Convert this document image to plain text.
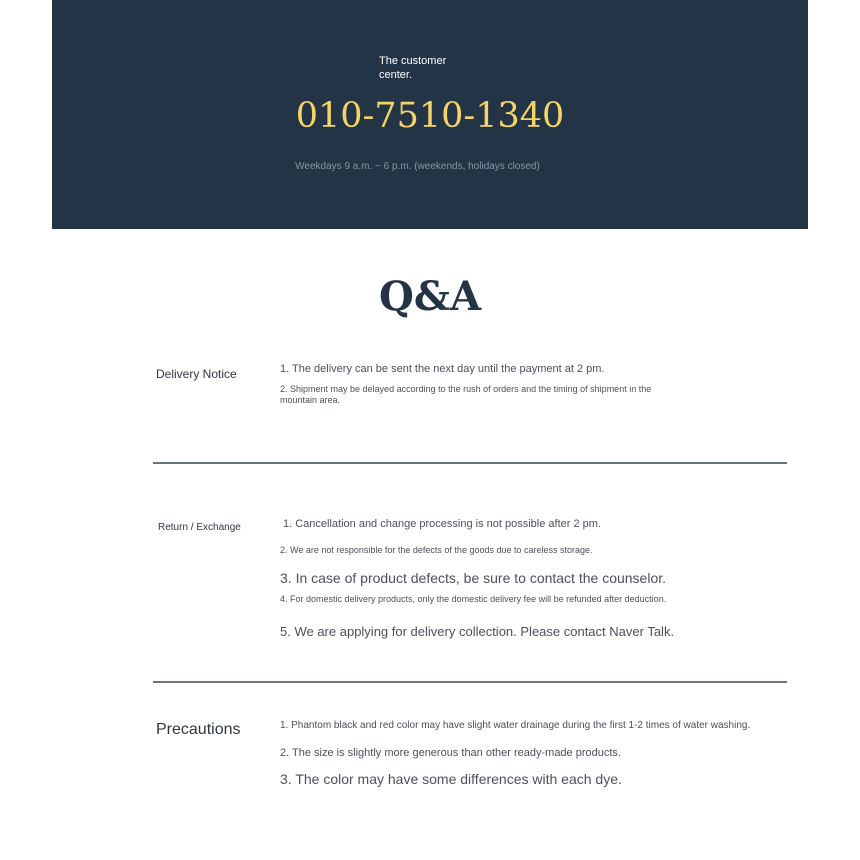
The customer center.
010-7510-1340
Weekdays 9 a.m. ~ 6 p.m. (weekends, holidays closed)
Q&A
Delivery Notice	1. The delivery can be sent the next day until the payment at 2 pm.
2. Shipment may be delayed according to the rush of orders and the timing of shipment in the mountain area.
Return / Exchange	1. Cancellation and change processing is not possible after 2 pm.
2. We are not responsible for the defects of the goods due to careless storage.
3. In case of product defects, be sure to contact the counselor.
4. For domestic delivery products, only the domestic delivery fee will be refunded after deduction.
5. We are applying for delivery collection. Please contact Naver Talk.
Precautions	1. Phantom black and red color may have slight water drainage during the first 1-2 times of water washing.
2. The size is slightly more generous than other ready-made products.
3. The color may have some differences with each dye.
